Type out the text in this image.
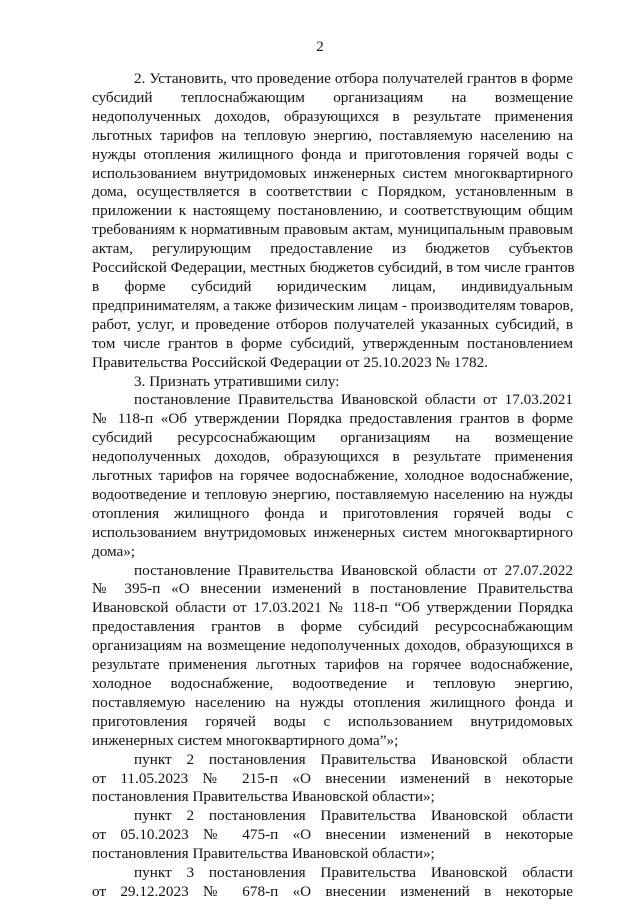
2
2. Установить, что проведение отбора получателей грантов в форме
субсидий теплоснабжающим организациям на возмещение
недополученных доходов, образующихся в результате применения
льготных тарифов на тепловую энергию, поставляемую населению на
нужды отопления жилищного фонда и приготовления горячей воды с
использованием внутридомовых инженерных систем многоквартирного
дома, осуществляется в соответствии с Порядком, установленным в
приложении к настоящему постановлению, и соответствующим общим
требованиям к нормативным правовым актам, муниципальным правовым
актам, регулирующим предоставление из бюджетов субъектов
Российской Федерации, местных бюджетов субсидий, в том числе грантов
в форме субсидий юридическим лицам, индивидуальным
предпринимателям, а также физическим лицам - производителям товаров,
работ, услуг, и проведение отборов получателей указанных субсидий, в
том числе грантов в форме субсидий, утвержденным постановлением
Правительства Российской Федерации от 25.10.2023 № 1782.
3. Признать утратившими силу:
постановление Правительства Ивановской области от 17.03.2021
№ 118-п «Об утверждении Порядка предоставления грантов в форме
субсидий ресурсоснабжающим организациям на возмещение
недополученных доходов, образующихся в результате применения
льготных тарифов на горячее водоснабжение, холодное водоснабжение,
водоотведение и тепловую энергию, поставляемую населению на нужды
отопления жилищного фонда и приготовления горячей воды с
использованием внутридомовых инженерных систем многоквартирного
дома»;
постановление Правительства Ивановской области от 27.07.2022
№ 395-п «О внесении изменений в постановление Правительства
Ивановской области от 17.03.2021 № 118-п “Об утверждении Порядка
предоставления грантов в форме субсидий ресурсоснабжающим
организациям на возмещение недополученных доходов, образующихся в
результате применения льготных тарифов на горячее водоснабжение,
холодное водоснабжение, водоотведение и тепловую энергию,
поставляемую населению на нужды отопления жилищного фонда и
приготовления горячей воды с использованием внутридомовых
инженерных систем многоквартирного дома”»;
пункт 2 постановления Правительства Ивановской области
от 11.05.2023 № 215-п «О внесении изменений в некоторые
постановления Правительства Ивановской области»;
пункт 2 постановления Правительства Ивановской области
от 05.10.2023 № 475-п «О внесении изменений в некоторые
постановления Правительства Ивановской области»;
пункт 3 постановления Правительства Ивановской области
от 29.12.2023 № 678-п «О внесении изменений в некоторые
